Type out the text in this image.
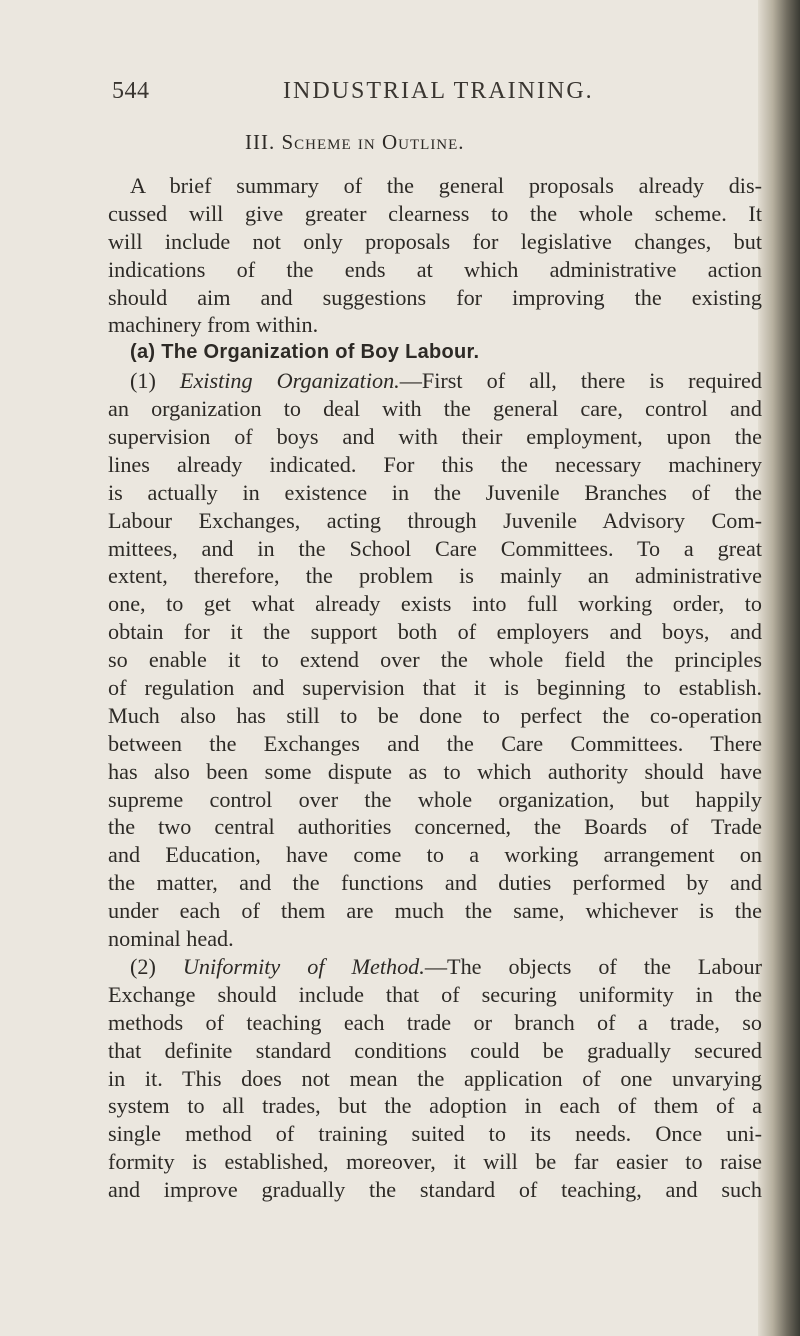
544	INDUSTRIAL TRAINING.
III. Scheme in Outline.
A brief summary of the general proposals already dis-
cussed will give greater clearness to the whole scheme. It
will include not only proposals for legislative changes, but
indications of the ends at which administrative action
should aim and suggestions for improving the existing
machinery from within.
(a) The Organization of Boy Labour.
(1) Existing Organization.—First of all, there is required
an organization to deal with the general care, control and
supervision of boys and with their employment, upon the
lines already indicated. For this the necessary machinery
is actually in existence in the Juvenile Branches of the
Labour Exchanges, acting through Juvenile Advisory Com-
mittees, and in the School Care Committees. To a great
extent, therefore, the problem is mainly an administrative
one, to get what already exists into full working order, to
obtain for it the support both of employers and boys, and
so enable it to extend over the whole field the principles
of regulation and supervision that it is beginning to establish.
Much also has still to be done to perfect the co-operation
between the Exchanges and the Care Committees. There
has also been some dispute as to which authority should have
supreme control over the whole organization, but happily
the two central authorities concerned, the Boards of Trade
and Education, have come to a working arrangement on
the matter, and the functions and duties performed by and
under each of them are much the same, whichever is the
nominal head.
(2) Uniformity of Method.—The objects of the Labour
Exchange should include that of securing uniformity in the
methods of teaching each trade or branch of a trade, so
that definite standard conditions could be gradually secured
in it. This does not mean the application of one unvarying
system to all trades, but the adoption in each of them of a
single method of training suited to its needs. Once uni-
formity is established, moreover, it will be far easier to raise
and improve gradually the standard of teaching, and such
